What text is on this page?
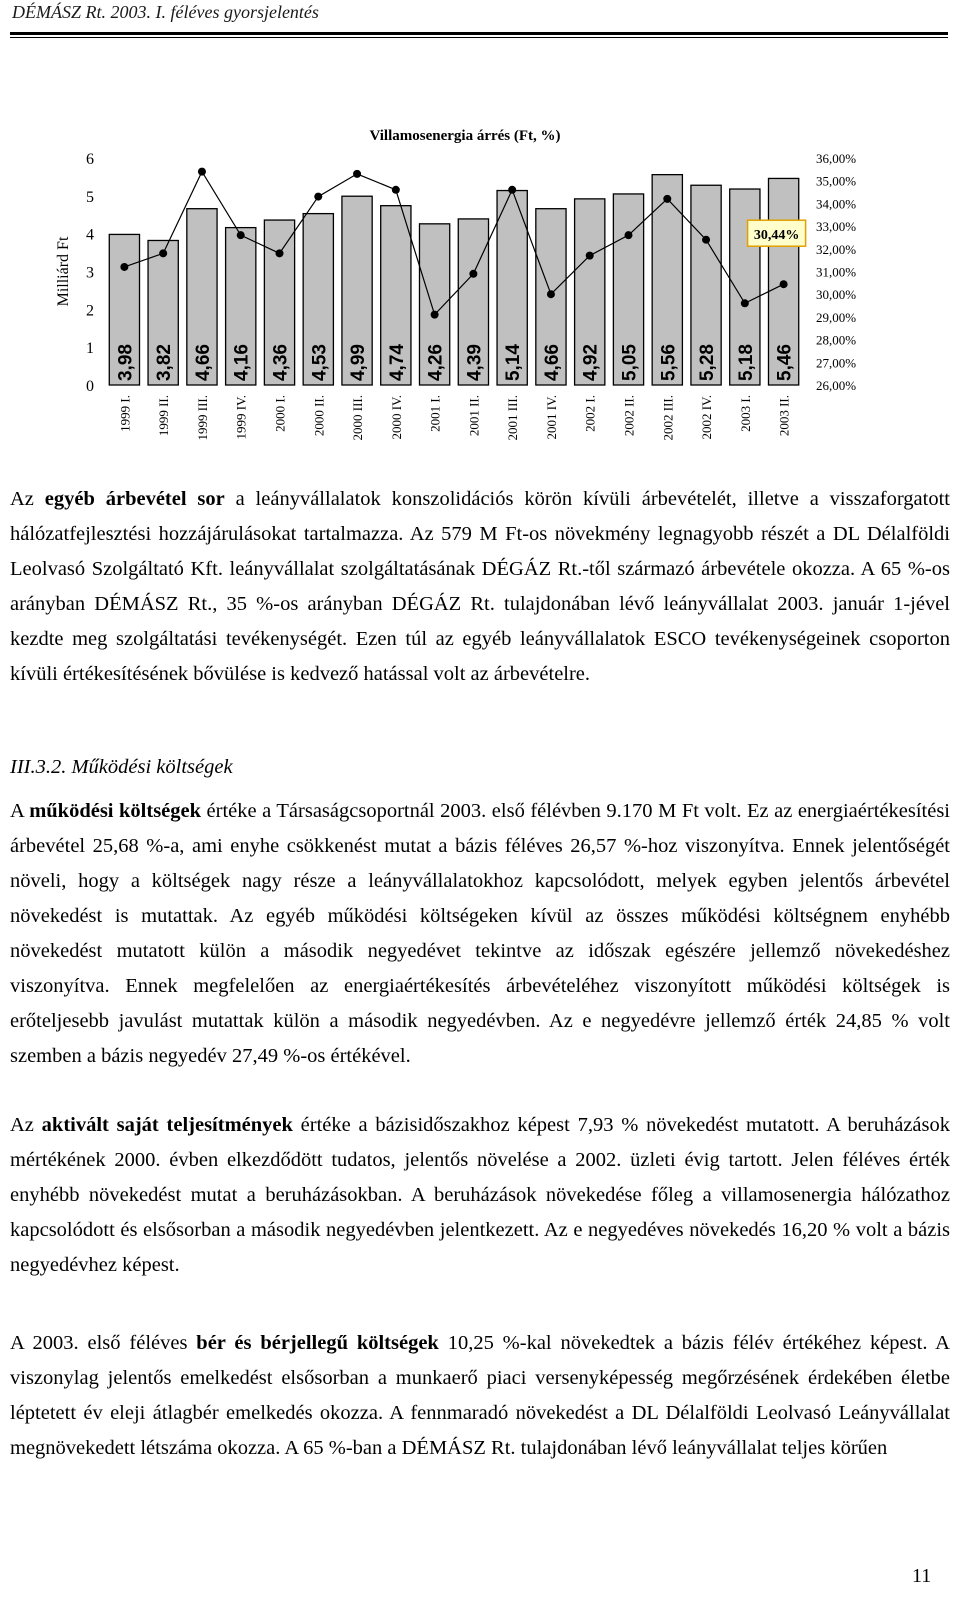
DÉMÁSZ Rt. 2003. I. féléves gyorsjelentés
Villamosenergia árrés (Ft, %)
Milliárd Ft
0
1
2
3
4
5
6
26,00%
27,00%
28,00%
29,00%
30,00%
31,00%
32,00%
33,00%
34,00%
35,00%
36,00%
3,98 3,82 4,66 4,16 4,36 4,53 4,99 4,74 4,26 4,39 5,14 4,66 4,92 5,05 5,56 5,28 5,18 5,46
1999 I. 1999 II. 1999 III. 1999 IV. 2000 I. 2000 II. 2000 III. 2000 IV. 2001 I. 2001 II. 2001 III. 2001 IV. 2002 I. 2002 II. 2002 III. 2002 IV. 2003 I. 2003 II.
30,44%

Az egyéb árbevétel sor a leányvállalatok konszolidációs körön kívüli árbevételét, illetve a visszaforgatott hálózatfejlesztési hozzájárulásokat tartalmazza. Az 579 M Ft-os növekmény legnagyobb részét a DL Délalföldi Leolvasó Szolgáltató Kft. leányvállalat szolgáltatásának DÉGÁZ Rt.-től származó árbevétele okozza. A 65 %-os arányban DÉMÁSZ Rt., 35 %-os arányban DÉGÁZ Rt. tulajdonában lévő leányvállalat 2003. január 1-jével kezdte meg szolgáltatási tevékenységét. Ezen túl az egyéb leányvállalatok ESCO tevékenységeinek csoporton kívüli értékesítésének bővülése is kedvező hatással volt az árbevételre.

III.3.2. Működési költségek

A működési költségek értéke a Társaságcsoportnál 2003. első félévben 9.170 M Ft volt. Ez az energiaértékesítési árbevétel 25,68 %-a, ami enyhe csökkenést mutat a bázis féléves 26,57 %-hoz viszonyítva. Ennek jelentőségét növeli, hogy a költségek nagy része a leányvállalatokhoz kapcsolódott, melyek egyben jelentős árbevétel növekedést is mutattak. Az egyéb működési költségeken kívül az összes működési költségnem enyhébb növekedést mutatott külön a második negyedévet tekintve az időszak egészére jellemző növekedéshez viszonyítva. Ennek megfelelően az energiaértékesítés árbevételéhez viszonyított működési költségek is erőteljesebb javulást mutattak külön a második negyedévben. Az e negyedévre jellemző érték 24,85 % volt szemben a bázis negyedév 27,49 %-os értékével.

Az aktivált saját teljesítmények értéke a bázisidőszakhoz képest 7,93 % növekedést mutatott. A beruházások mértékének 2000. évben elkezdődött tudatos, jelentős növelése a 2002. üzleti évig tartott. Jelen féléves érték enyhébb növekedést mutat a beruházásokban. A beruházások növekedése főleg a villamosenergia hálózathoz kapcsolódott és elsősorban a második negyedévben jelentkezett. Az e negyedéves növekedés 16,20 % volt a bázis negyedévhez képest.

A 2003. első féléves bér és bérjellegű költségek 10,25 %-kal növekedtek a bázis félév értékéhez képest. A viszonylag jelentős emelkedést elsősorban a munkaerő piaci versenyképesség megőrzésének érdekében életbe léptetett év eleji átlagbér emelkedés okozza. A fennmaradó növekedést a DL Délalföldi Leolvasó Leányvállalat megnövekedett létszáma okozza. A 65 %-ban a DÉMÁSZ Rt. tulajdonában lévő leányvállalat teljes körűen

11
